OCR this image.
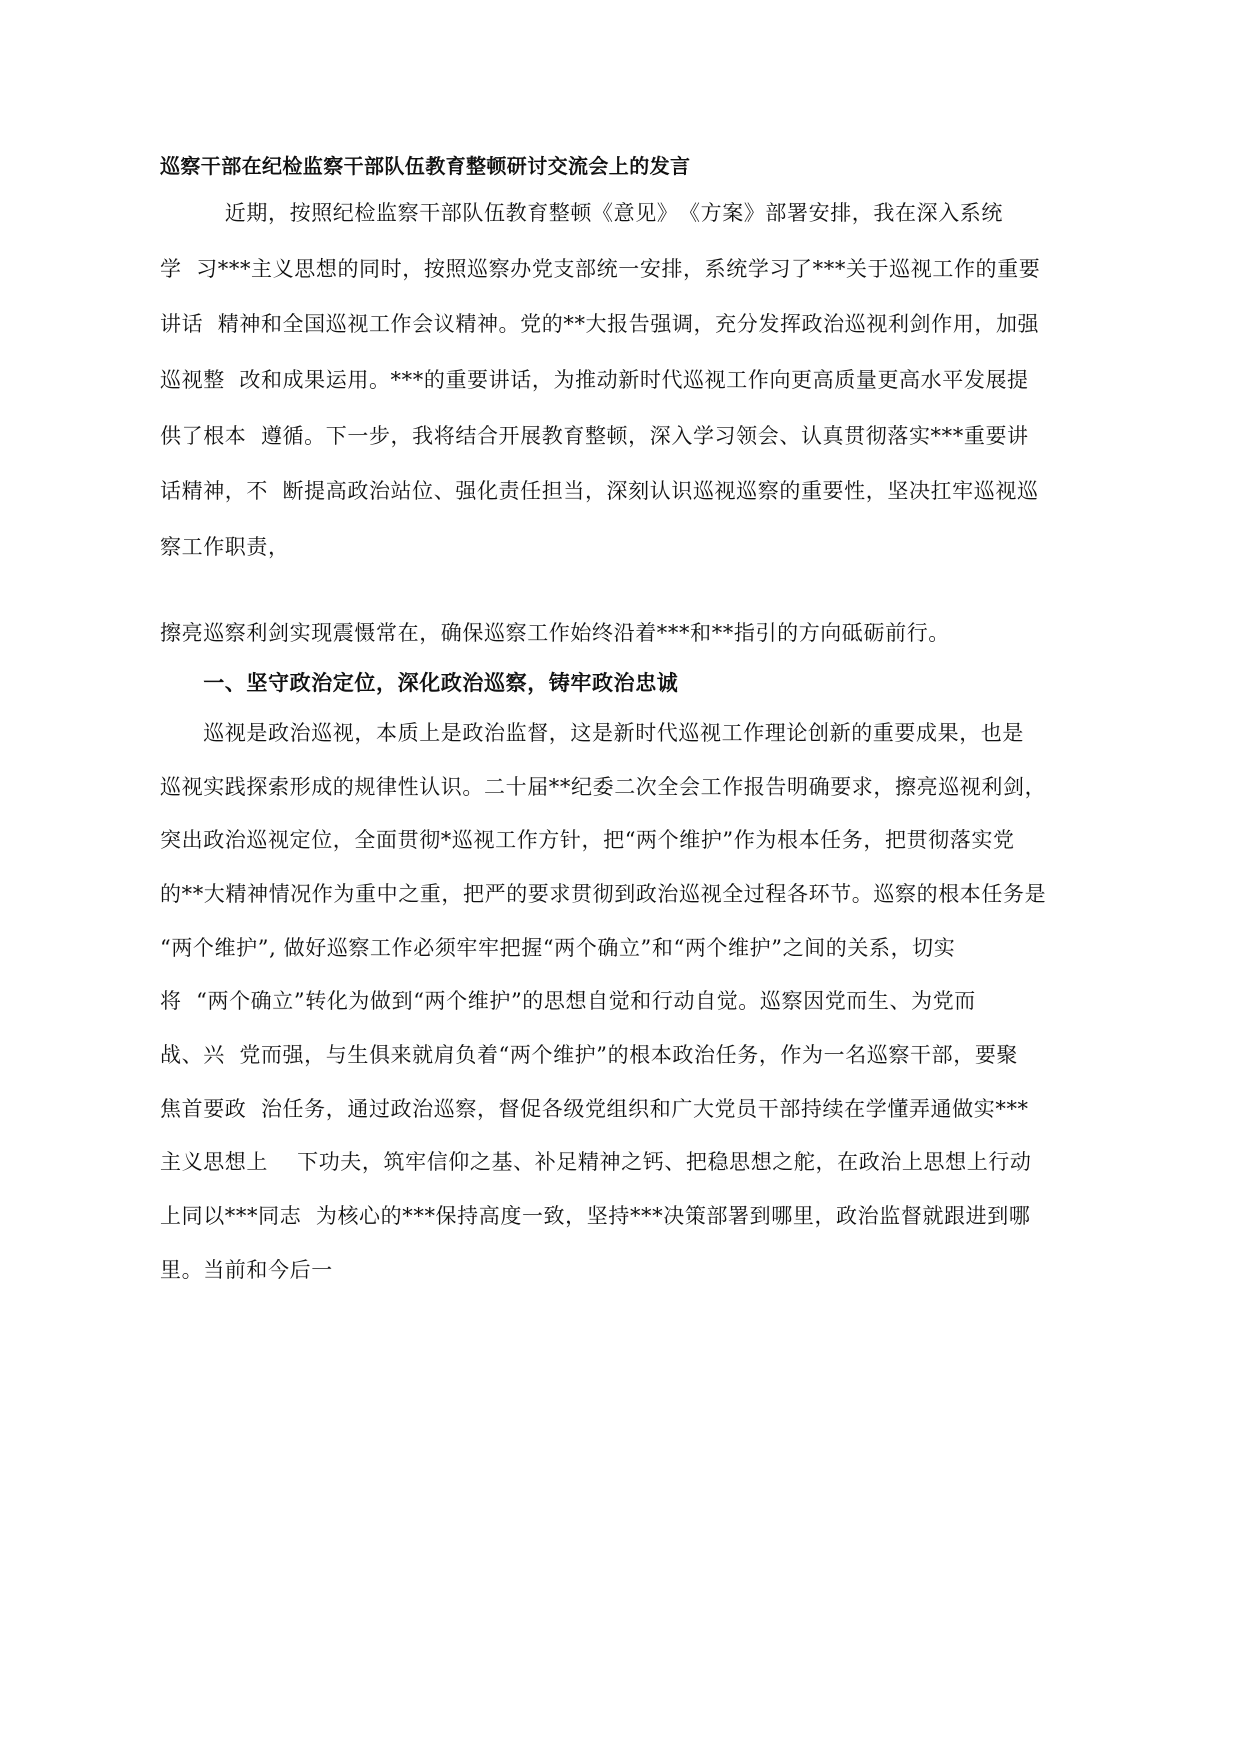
巡察干部在纪检监察干部队伍教育整顿研讨交流会上的发言
　　　近期，按照纪检监察干部队伍教育整顿《意见》　《方案》部署安排，我在深入系统
学  习***主义思想的同时，按照巡察办党支部统一安排，系统学习了***关于巡视工作的重要
讲话  精神和全国巡视工作会议精神。党的**大报告强调，充分发挥政治巡视利剑作用，加强
巡视整  改和成果运用。***的重要讲话，为推动新时代巡视工作向更高质量更高水平发展提
供了根本  遵循。下一步，我将结合开展教育整顿，深入学习领会、认真贯彻落实***重要讲
话精神，不  断提高政治站位、强化责任担当，深刻认识巡视巡察的重要性，坚决扛牢巡视巡
察工作职责，
擦亮巡察利剑实现震慑常在，确保巡察工作始终沿着***和**指引的方向砥砺前行。
　　一、坚守政治定位，深化政治巡察，铸牢政治忠诚
　　巡视是政治巡视，本质上是政治监督，这是新时代巡视工作理论创新的重要成果，也是
巡视实践探索形成的规律性认识。二十届**纪委二次全会工作报告明确要求，擦亮巡视利剑，
突出政治巡视定位，全面贯彻*巡视工作方针，把“两个维护”作为根本任务，把贯彻落实党
的**大精神情况作为重中之重，把严的要求贯彻到政治巡视全过程各环节。巡察的根本任务是
“两个维护”, 做好巡察工作必须牢牢把握“两个确立”和“两个维护”之间的关系，切实
将  “两个确立”转化为做到“两个维护”的思想自觉和行动自觉。巡察因党而生、为党而
战、兴  党而强，与生俱来就肩负着“两个维护”的根本政治任务，作为一名巡察干部，要聚
焦首要政  治任务，通过政治巡察，督促各级党组织和广大党员干部持续在学懂弄通做实***
主义思想上    下功夫，筑牢信仰之基、补足精神之钙、把稳思想之舵，在政治上思想上行动
上同以***同志  为核心的***保持高度一致，坚持***决策部署到哪里，政治监督就跟进到哪
里。当前和今后一
